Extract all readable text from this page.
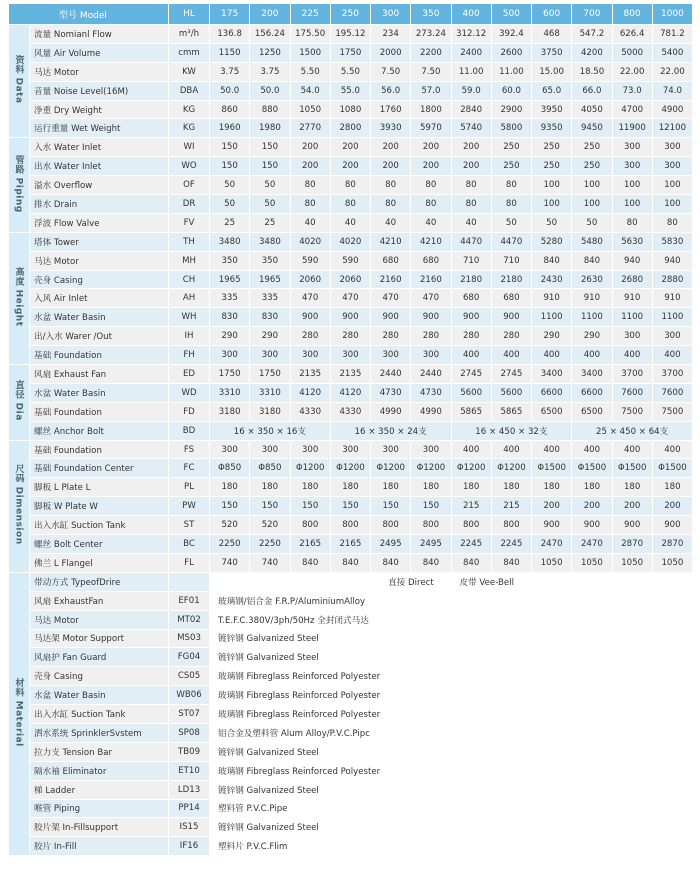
型号 Model		HL	175	200	225	250	300	350	400	500	600	700	800	1000
资料 Data	流量 Nomianl Flow	m³/h	136.8	156.24	175.50	195.12	234	273.24	312.12	392.4	468	547.2	626.4	781.2
	风量 Air Volume	cmm	1150	1250	1500	1750	2000	2200	2400	2600	3750	4200	5000	5400
	马达 Motor	KW	3.75	3.75	5.50	5.50	7.50	7.50	11.00	11.00	15.00	18.50	22.00	22.00
	音量 Noise Level(16M)	DBA	50.0	50.0	54.0	55.0	56.0	57.0	59.0	60.0	65.0	66.0	73.0	74.0
	净重 Dry Weight	KG	860	880	1050	1080	1760	1800	2840	2900	3950	4050	4700	4900
	运行重量 Wet Weight	KG	1960	1980	2770	2800	3930	5970	5740	5800	9350	9450	11900	12100
管路 Piping	入水 Water Inlet	WI	150	150	200	200	200	200	200	250	250	250	300	300
	出水 Water Inlet	WO	150	150	200	200	200	200	200	250	250	250	300	300
	溢水 Overflow	OF	50	50	80	80	80	80	80	80	100	100	100	100
	排水 Drain	DR	50	50	80	80	80	80	80	80	100	100	100	100
	浮波 Flow Valve	FV	25	25	40	40	40	40	40	50	50	50	80	80
高度 Height	塔体 Tower	TH	3480	3480	4020	4020	4210	4210	4470	4470	5280	5480	5630	5830
	马达 Motor	MH	350	350	590	590	680	680	710	710	840	840	940	940
	壳身 Casing	CH	1965	1965	2060	2060	2160	2160	2180	2180	2430	2630	2680	2880
	入风 Air Inlet	AH	335	335	470	470	470	470	680	680	910	910	910	910
	水盆 Water Basin	WH	830	830	900	900	900	900	900	900	1100	1100	1100	1100
	出/入水 Warer /Out	IH	290	290	280	280	280	280	280	280	290	290	300	300
	基础 Foundation	FH	300	300	300	300	300	300	400	400	400	400	400	400
直径 Dia	风扇 Exhaust Fan	ED	1750	1750	2135	2135	2440	2440	2745	2745	3400	3400	3700	3700
	水盆 Water Basin	WD	3310	3310	4120	4120	4730	4730	5600	5600	6600	6600	7600	7600
	基础 Foundation	FD	3180	3180	4330	4330	4990	4990	5865	5865	6500	6500	7500	7500
	螺丝 Anchor Bolt	BD	16 × 350 × 16支			16 × 350 × 24支			16 × 450 × 32支			25 × 450 × 64支		
尺码 Dimension	基础 Foundation	FS	300	300	300	300	300	300	400	400	400	400	400	400
	基础 Foundation Center	FC	Φ850	Φ850	Φ1200	Φ1200	Φ1200	Φ1200	Φ1200	Φ1200	Φ1500	Φ1500	Φ1500	Φ1500
	脚板 L Plate L	PL	180	180	180	180	180	180	180	180	180	180	180	180
	脚板 W Plate W	PW	150	150	150	150	150	150	215	215	200	200	200	200
	出入水缸 Suction Tank	ST	520	520	800	800	800	800	800	800	900	900	900	900
	螺丝 Bolt Center	BC	2250	2250	2165	2165	2495	2495	2245	2245	2470	2470	2870	2870
	佛兰 L Flangel	FL	740	740	840	840	840	840	840	840	1050	1050	1050	1050
材料 Material	带动方式 TypeofDrire		直接 Direct　　　皮带 Vee-Bell											
	风扇 ExhaustFan	EF01	玻璃钢/铝合金 F.R.P/AluminiumAlloy											
	马达 Motor	MT02	T.E.F.C.380V/3ph/50Hz 全封闭式马达											
	马达架 Motor Support	MS03	镀锌钢 Galvanized Steel											
	风扇护 Fan Guard	FG04	镀锌钢 Galvanized Steel											
	壳身 Casing	CS05	玻璃钢 Fibreglass Reinforced Polyester											
	水盆 Water Basin	WB06	玻璃钢 Fibreglass Reinforced Polyester											
	出入水缸 Suction Tank	ST07	玻璃钢 Fibreglass Reinforced Polyester											
	洒水系统 SprinklerSvstem	SP08	铝合金及塑料管 Alum Alloy/P.V.C.Pipc											
	拉力支 Tension Bar	TB09	镀锌钢 Galvanized Steel											
	隔水袖 Eliminator	ET10	玻璃钢 Fibreglass Reinforced Polyester											
	梯 Ladder	LD13	镀锌钢 Galvanized Steel											
	喉管 Piping	PP14	塑料管 P.V.C.Pipe											
	胶片架 In-Fillsupport	IS15	镀锌钢 Galvanized Steel											
	胶片 In-Fill	IF16	塑料片 P.V.C.Flim											
